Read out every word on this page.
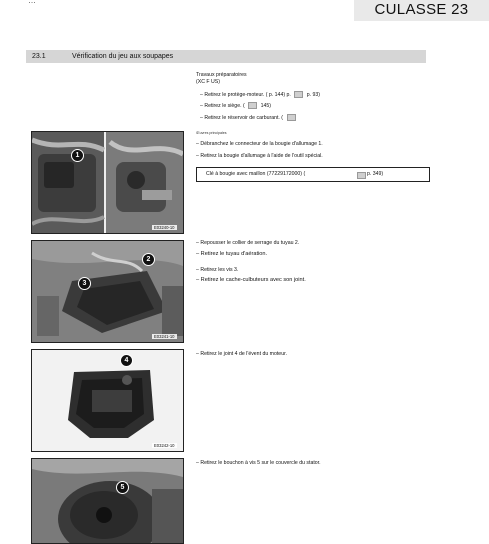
…
CULASSE 23
23.1	Vérification du jeu aux soupapes
Travaux préparatoires
(XC F US)
– Retirez le protège-moteur. ( p. 144) p.	p. 93)
– Retirez le siège. (	145)
– Retirez le réservoir de carburant. (
Œuvres principales
– Débranchez le connecteur de la bougie d'allumage 1.
– Retirez la bougie d'allumage à l'aide de l'outil spécial.
Clé à bougie avec maillon (77229172000) (	p. 349)
– Repousser le collier de serrage du tuyau 2.
– Retirez le tuyau d'aération.
– Retirez les vis 3.
– Retirez le cache-culbuteurs avec son joint.
– Retirez le joint 4 de l'évent du moteur.
– Retirez le bouchon à vis 5 sur le couvercle du stator.
1
E03240-10
2
3
E03241-10
4
E03242-10
5
